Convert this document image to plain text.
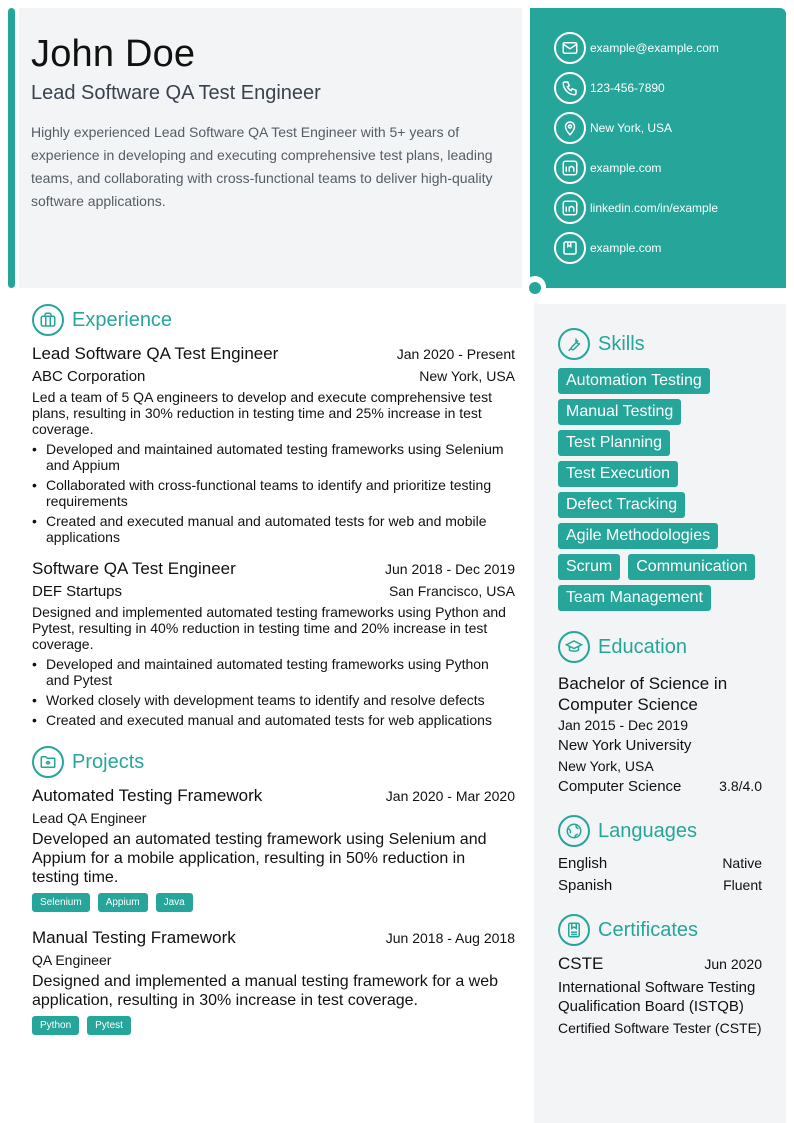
John Doe
Lead Software QA Test Engineer
Highly experienced Lead Software QA Test Engineer with 5+ years of experience in developing and executing comprehensive test plans, leading teams, and collaborating with cross-functional teams to deliver high-quality software applications.
example@example.com
123-456-7890
New York, USA
example.com
linkedin.com/in/example
example.com
Experience
Lead Software QA Test Engineer	Jan 2020 - Present
ABC Corporation	New York, USA
Led a team of 5 QA engineers to develop and execute comprehensive test plans, resulting in 30% reduction in testing time and 25% increase in test coverage.
• Developed and maintained automated testing frameworks using Selenium and Appium
• Collaborated with cross-functional teams to identify and prioritize testing requirements
• Created and executed manual and automated tests for web and mobile applications
Software QA Test Engineer	Jun 2018 - Dec 2019
DEF Startups	San Francisco, USA
Designed and implemented automated testing frameworks using Python and Pytest, resulting in 40% reduction in testing time and 20% increase in test coverage.
• Developed and maintained automated testing frameworks using Python and Pytest
• Worked closely with development teams to identify and resolve defects
• Created and executed manual and automated tests for web applications
Projects
Automated Testing Framework	Jan 2020 - Mar 2020
Lead QA Engineer
Developed an automated testing framework using Selenium and Appium for a mobile application, resulting in 50% reduction in testing time.
Selenium	Appium	Java
Manual Testing Framework	Jun 2018 - Aug 2018
QA Engineer
Designed and implemented a manual testing framework for a web application, resulting in 30% increase in test coverage.
Python	Pytest
Skills
Automation Testing
Manual Testing
Test Planning
Test Execution
Defect Tracking
Agile Methodologies
Scrum	Communication
Team Management
Education
Bachelor of Science in Computer Science
Jan 2015 - Dec 2019
New York University
New York, USA
Computer Science	3.8/4.0
Languages
English	Native
Spanish	Fluent
Certificates
CSTE	Jun 2020
International Software Testing Qualification Board (ISTQB)
Certified Software Tester (CSTE)
